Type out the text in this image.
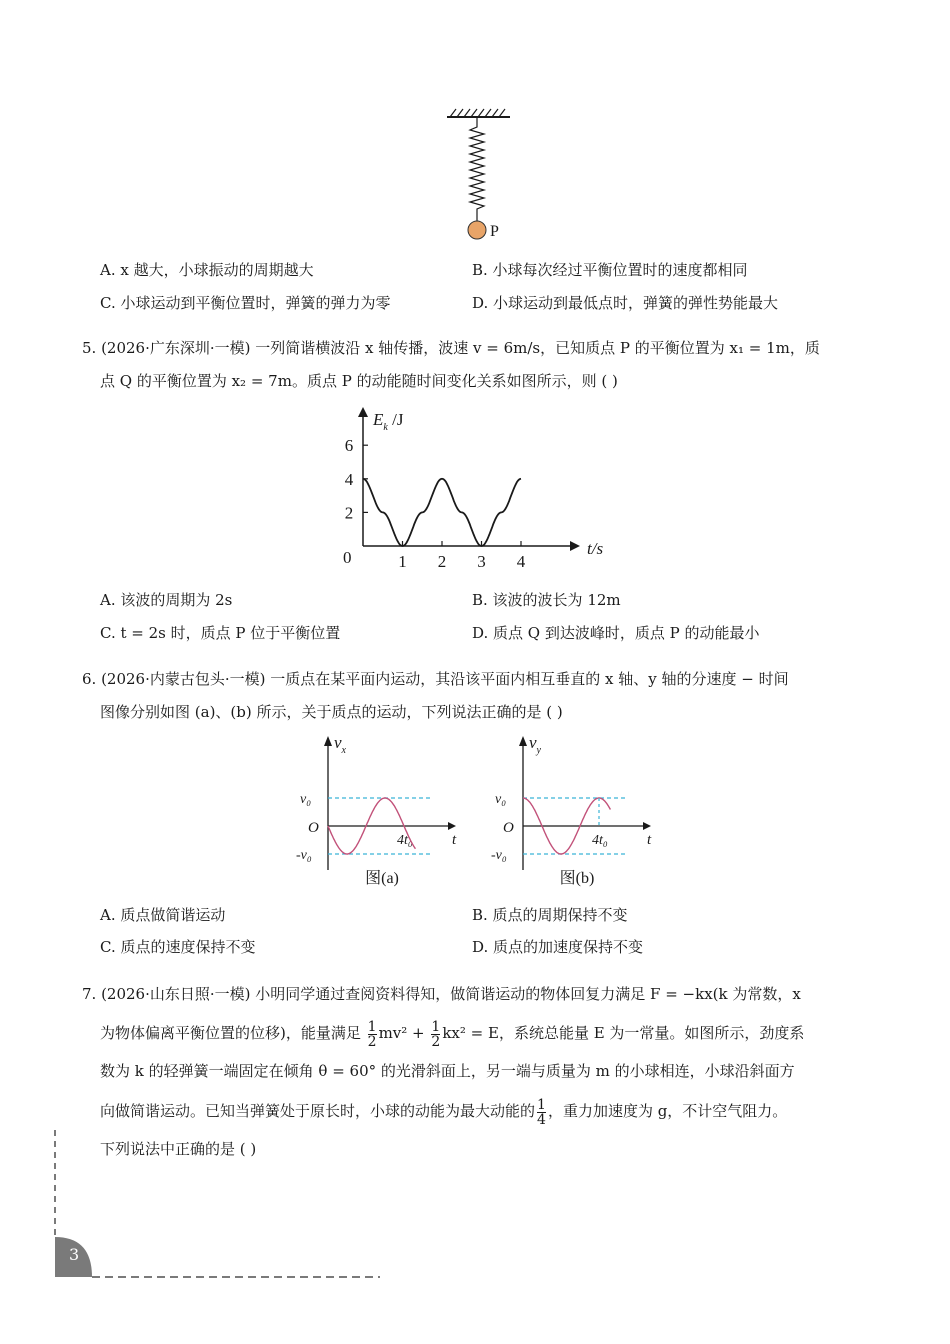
P
A. x 越大，小球振动的周期越大	B. 小球每次经过平衡位置时的速度都相同
C. 小球运动到平衡位置时，弹簧的弹力为零	D. 小球运动到最低点时，弹簧的弹性势能最大
5. (2026·广东深圳·一模) 一列简谐横波沿 x 轴传播，波速 v = 6m/s，已知质点 P 的平衡位置为 x₁ = 1m，质
点 Q 的平衡位置为 x₂ = 7m。质点 P 的动能随时间变化关系如图所示，则 ( )
$E_k$ /J
t/s
0	1 2 3 4
2
4
6
A. 该波的周期为 2s	B. 该波的波长为 12m
C. t = 2s 时，质点 P 位于平衡位置	D. 质点 Q 到达波峰时，质点 P 的动能最小
6. (2026·内蒙古包头·一模) 一质点在某平面内运动，其沿该平面内相互垂直的 x 轴、y 轴的分速度 − 时间
图像分别如图 (a)、(b) 所示，关于质点的运动，下列说法正确的是 ( )
$v_x$
t
O
v₀
-v₀
4t₀
图(a)
$v_y$
t
O
v₀
-v₀
4t₀
图(b)
A. 质点做简谐运动	B. 质点的周期保持不变
C. 质点的速度保持不变	D. 质点的加速度保持不变
7. (2026·山东日照·一模) 小明同学通过查阅资料得知，做简谐运动的物体回复力满足 F = −kx(k 为常数，x
为物体偏离平衡位置的位移)，能量满足 $\frac{1}{2} mv^2 + \frac{1}{2} kx^2 = E$，系统总能量 E 为一常量。如图所示，劲度系
数为 k 的轻弹簧一端固定在倾角 θ = 60° 的光滑斜面上，另一端与质量为 m 的小球相连，小球沿斜面方
向做简谐运动。已知当弹簧处于原长时，小球的动能为最大动能的 $\frac{1}{4}$ ，重力加速度为 g，不计空气阻力。
下列说法中正确的是 ( )
3
